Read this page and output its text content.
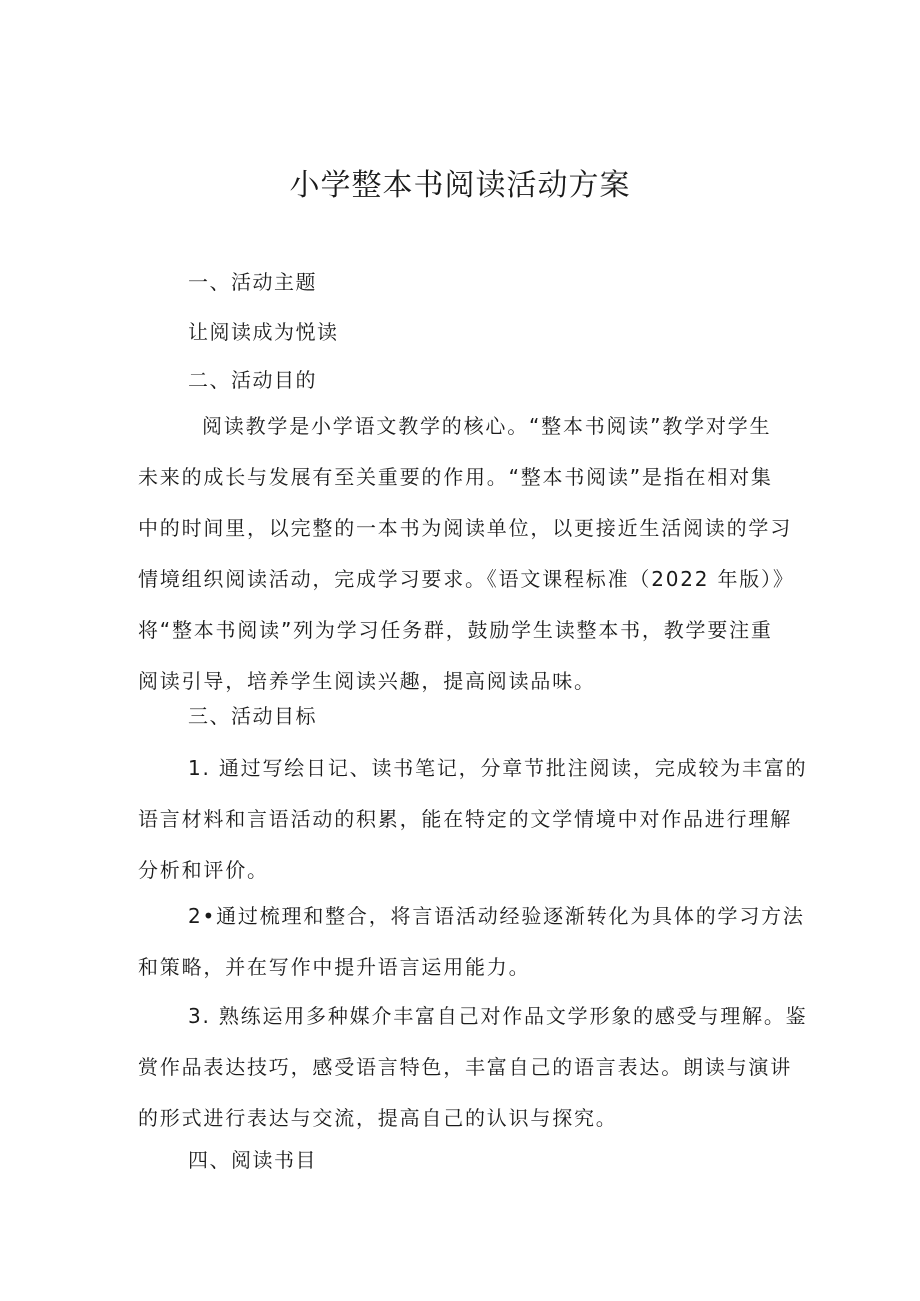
小学整本书阅读活动方案

一、活动主题

让阅读成为悦读

二、活动目的

阅读教学是小学语文教学的核心。“整本书阅读”教学对学生
未来的成长与发展有至关重要的作用。“整本书阅读”是指在相对集
中的时间里，以完整的一本书为阅读单位，以更接近生活阅读的学习
情境组织阅读活动，完成学习要求。《语文课程标准（2022 年版）》
将“整本书阅读”列为学习任务群，鼓励学生读整本书，教学要注重
阅读引导，培养学生阅读兴趣，提高阅读品味。

三、活动目标

1. 通过写绘日记、读书笔记，分章节批注阅读，完成较为丰富的
语言材料和言语活动的积累，能在特定的文学情境中对作品进行理解
分析和评价。
2•通过梳理和整合，将言语活动经验逐渐转化为具体的学习方法
和策略，并在写作中提升语言运用能力。
3. 熟练运用多种媒介丰富自己对作品文学形象的感受与理解。鉴
赏作品表达技巧，感受语言特色，丰富自己的语言表达。朗读与演讲
的形式进行表达与交流，提高自己的认识与探究。

四、阅读书目
